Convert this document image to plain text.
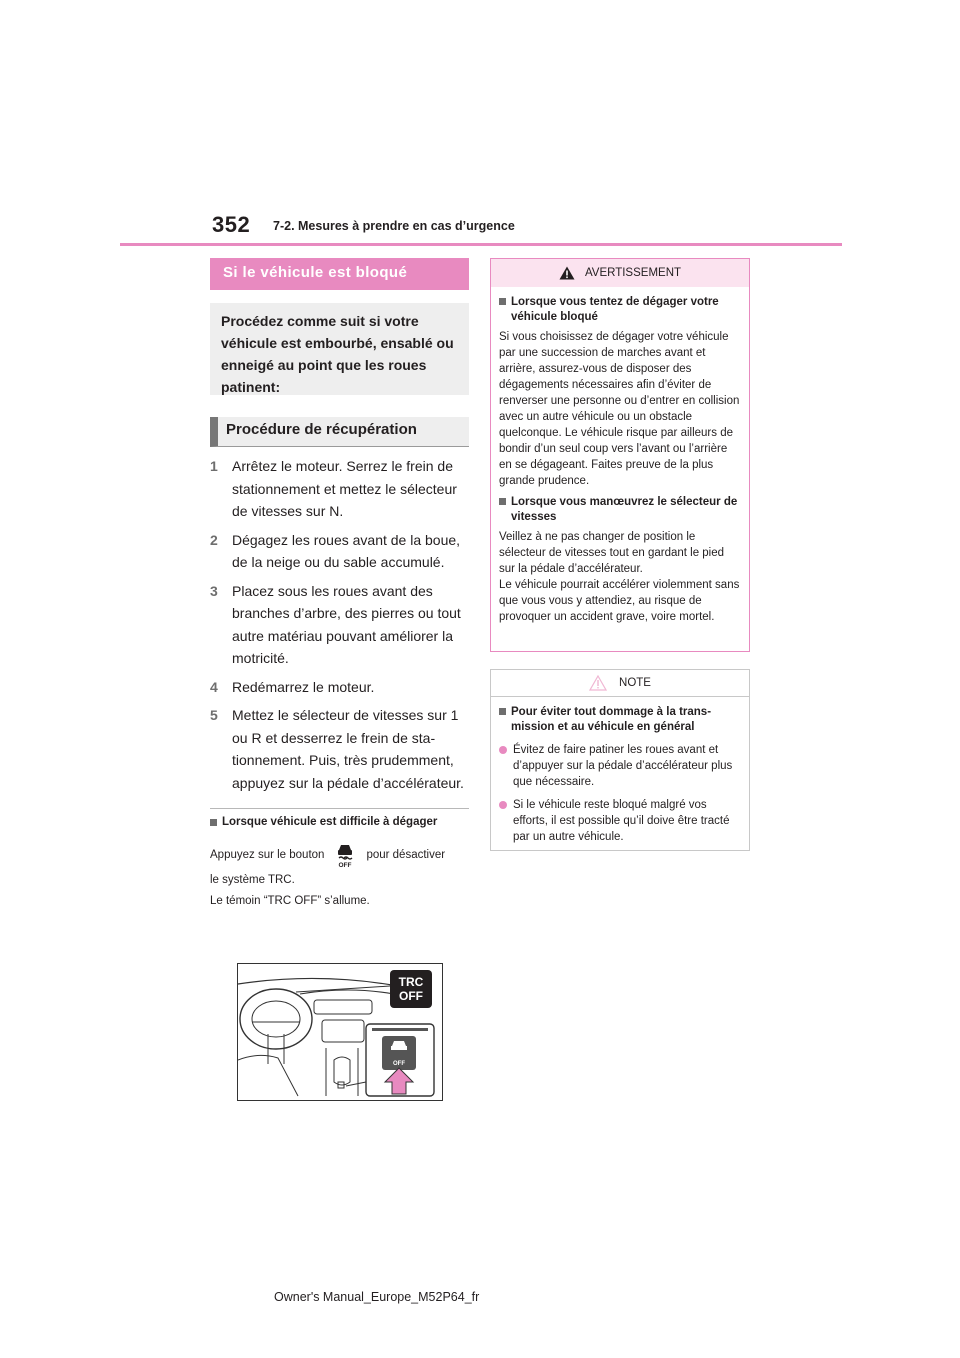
352 7-2. Mesures à prendre en cas d’urgence
Si le véhicule est bloqué
Procédez comme suit si votre véhicule est embourbé, ensablé ou enneigé au point que les roues patinent:
Procédure de récupération
1	Arrêtez le moteur. Serrez le frein de stationnement et mettez le sélecteur de vitesses sur N.
2	Dégagez les roues avant de la boue, de la neige ou du sable accumulé.
3	Placez sous les roues avant des branches d’arbre, des pierres ou tout autre matériau pouvant améliorer la motricité.
4	Redémarrez le moteur.
5	Mettez le sélecteur de vitesses sur 1 ou R et desserrez le frein de stationnement. Puis, très prudemment, appuyez sur la pédale d’accélérateur.
Lorsque véhicule est difficile à dégager
Appuyez sur le bouton
OFF
pour désactiver
le système TRC.
Le témoin “TRC OFF” s’allume.
TRC
OFF
OFF
AVERTISSEMENT
Lorsque vous tentez de dégager votre véhicule bloqué
Si vous choisissez de dégager votre véhicule par une succession de marches avant et arrière, assurez-vous de disposer des dégagements nécessaires afin d’éviter de renverser une personne ou d’entrer en collision avec un autre véhicule ou un obstacle quelconque. Le véhicule risque par ailleurs de bondir d’un seul coup vers l’avant ou l’arrière en se dégageant. Faites preuve de la plus grande prudence.
Lorsque vous manœuvrez le sélecteur de vitesses
Veillez à ne pas changer de position le sélecteur de vitesses tout en gardant le pied sur la pédale d’accélérateur.
Le véhicule pourrait accélérer violemment sans que vous vous y attendiez, au risque de provoquer un accident grave, voire mortel.
NOTE
Pour éviter tout dommage à la transmission et au véhicule en général
Évitez de faire patiner les roues avant et d’appuyer sur la pédale d’accélérateur plus que nécessaire.
Si le véhicule reste bloqué malgré vos efforts, il est possible qu’il doive être tracté par un autre véhicule.
Owner's Manual_Europe_M52P64_fr
